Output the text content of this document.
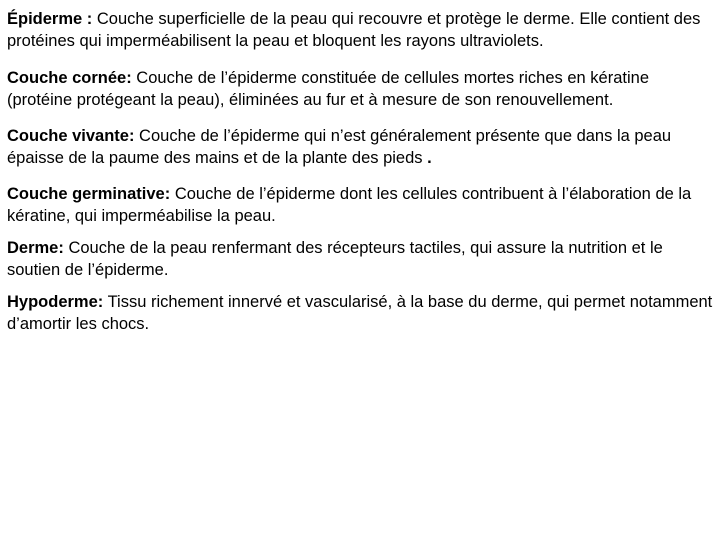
Épiderme : Couche superficielle de la peau qui recouvre et protège le derme. Elle contient des protéines qui imperméabilisent la peau et bloquent les rayons ultraviolets.

Couche cornée: Couche de l’épiderme constituée de cellules mortes riches en kératine (protéine protégeant la peau), éliminées au fur et à mesure de son renouvellement.

Couche vivante: Couche de l’épiderme qui n’est généralement présente que dans la peau épaisse de la paume des mains et de la plante des pieds .

Couche germinative: Couche de l’épiderme dont les cellules contribuent à l’élaboration de la kératine, qui imperméabilise la peau.

Derme: Couche de la peau renfermant des récepteurs tactiles, qui assure la nutrition et le soutien de l’épiderme.

Hypoderme: Tissu richement innervé et vascularisé, à la base du derme, qui permet notamment d’amortir les chocs.
